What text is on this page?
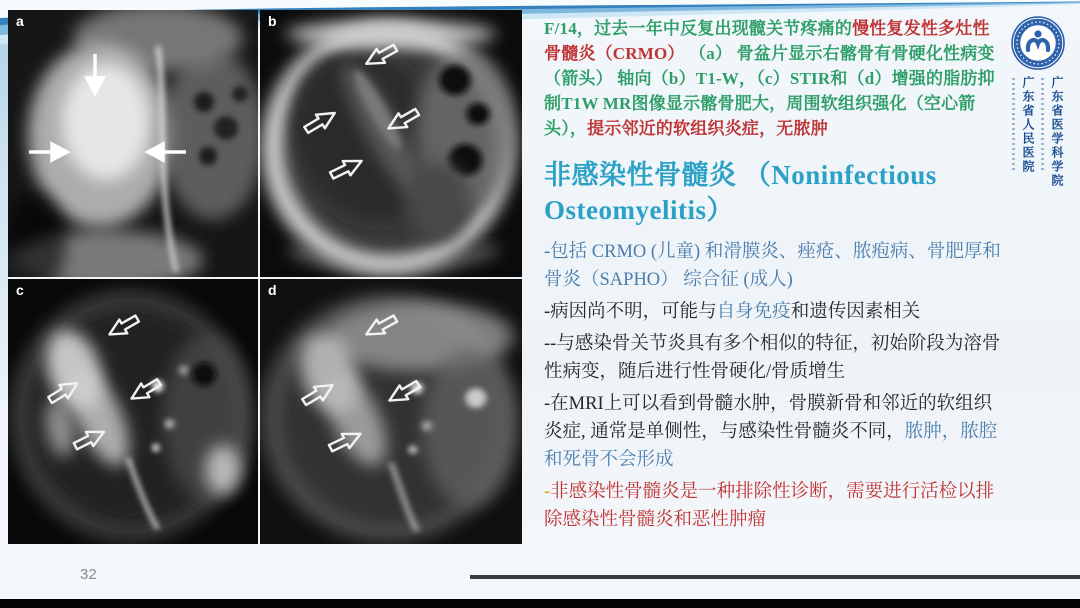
a	b
c	d

F/14，过去一年中反复出现髋关节疼痛的慢性复发性多灶性骨髓炎（CRMO） （a） 骨盆片显示右髂骨有骨硬化性病变（箭头） 轴向（b）T1-W，（c）STIR和（d）增强的脂肪抑制T1W MR图像显示髂骨肥大，周围软组织强化（空心箭头），提示邻近的软组织炎症，无脓肿

非感染性骨髓炎 （Noninfectious Osteomyelitis）

-包括 CRMO (儿童) 和滑膜炎、痤疮、脓疱病、骨肥厚和骨炎（SAPHO） 综合征 (成人)

-病因尚不明，可能与自身免疫和遗传因素相关

--与感染骨关节炎具有多个相似的特征，初始阶段为溶骨性病变，随后进行性骨硬化/骨质增生

-在MRI上可以看到骨髓水肿，骨膜新骨和邻近的软组织炎症, 通常是单侧性，与感染性骨髓炎不同，脓肿，脓腔和死骨不会形成

-非感染性骨髓炎是一种排除性诊断，需要进行活检以排除感染性骨髓炎和恶性肿瘤

广东省医学科学院
广东省人民医院
32
